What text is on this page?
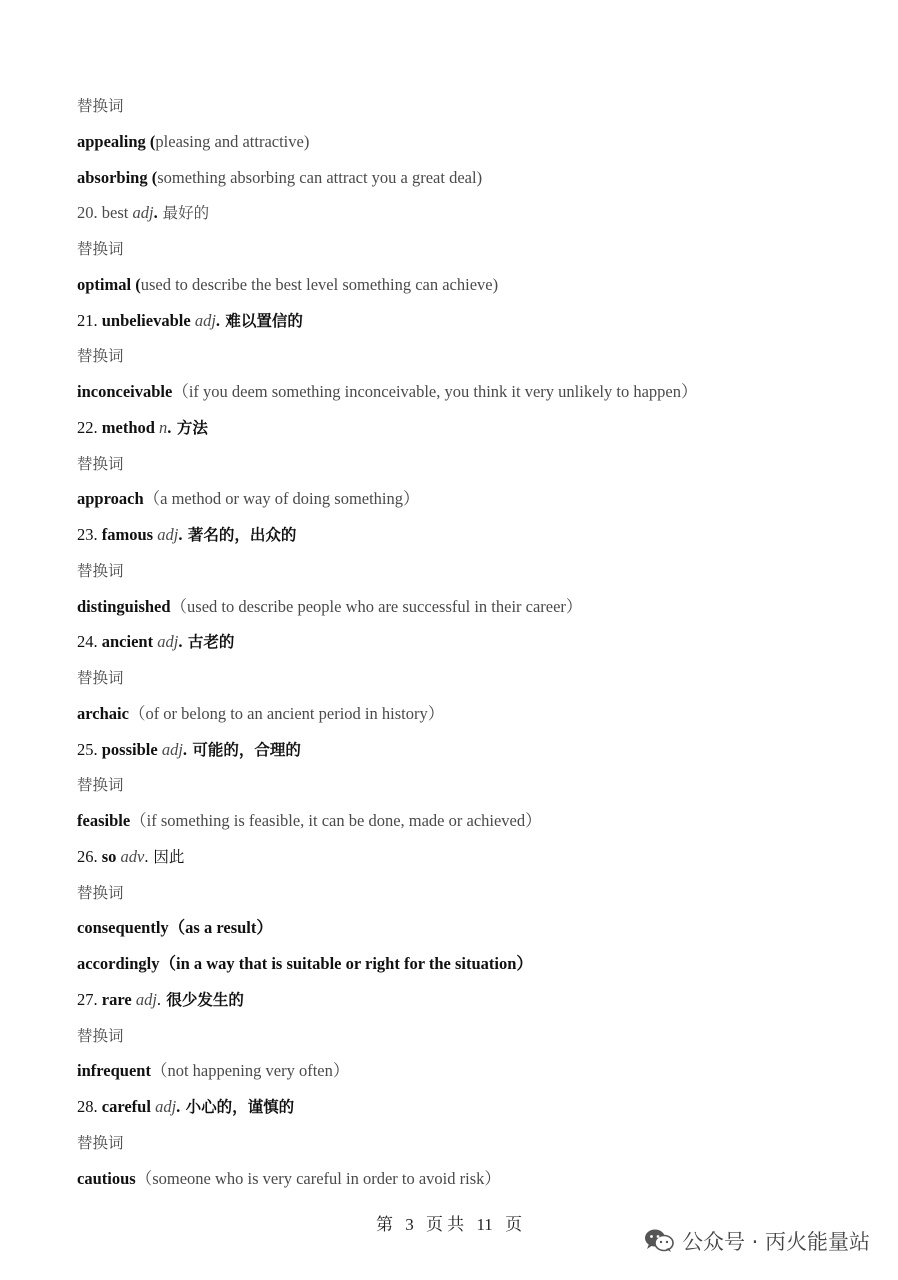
替换词
appealing (pleasing and attractive)
absorbing (something absorbing can attract you a great deal)
20. best adj. 最好的
替换词
optimal (used to describe the best level something can achieve)
21. unbelievable adj. 难以置信的
替换词
inconceivable（if you deem something inconceivable, you think it very unlikely to happen）
22. method n. 方法
替换词
approach（a method or way of doing something）
23. famous adj. 著名的，出众的
替换词
distinguished（used to describe people who are successful in their career）
24. ancient adj. 古老的
替换词
archaic（of or belong to an ancient period in history）
25. possible adj. 可能的，合理的
替换词
feasible（if something is feasible, it can be done, made or achieved）
26. so adv. 因此
替换词
consequently（as a result）
accordingly（in a way that is suitable or right for the situation）
27. rare adj. 很少发生的
替换词
infrequent（not happening very often）
28. careful adj. 小心的，谨慎的
替换词
cautious（someone who is very careful in order to avoid risk）
第 3 页 共 11 页
公众号 · 丙火能量站
